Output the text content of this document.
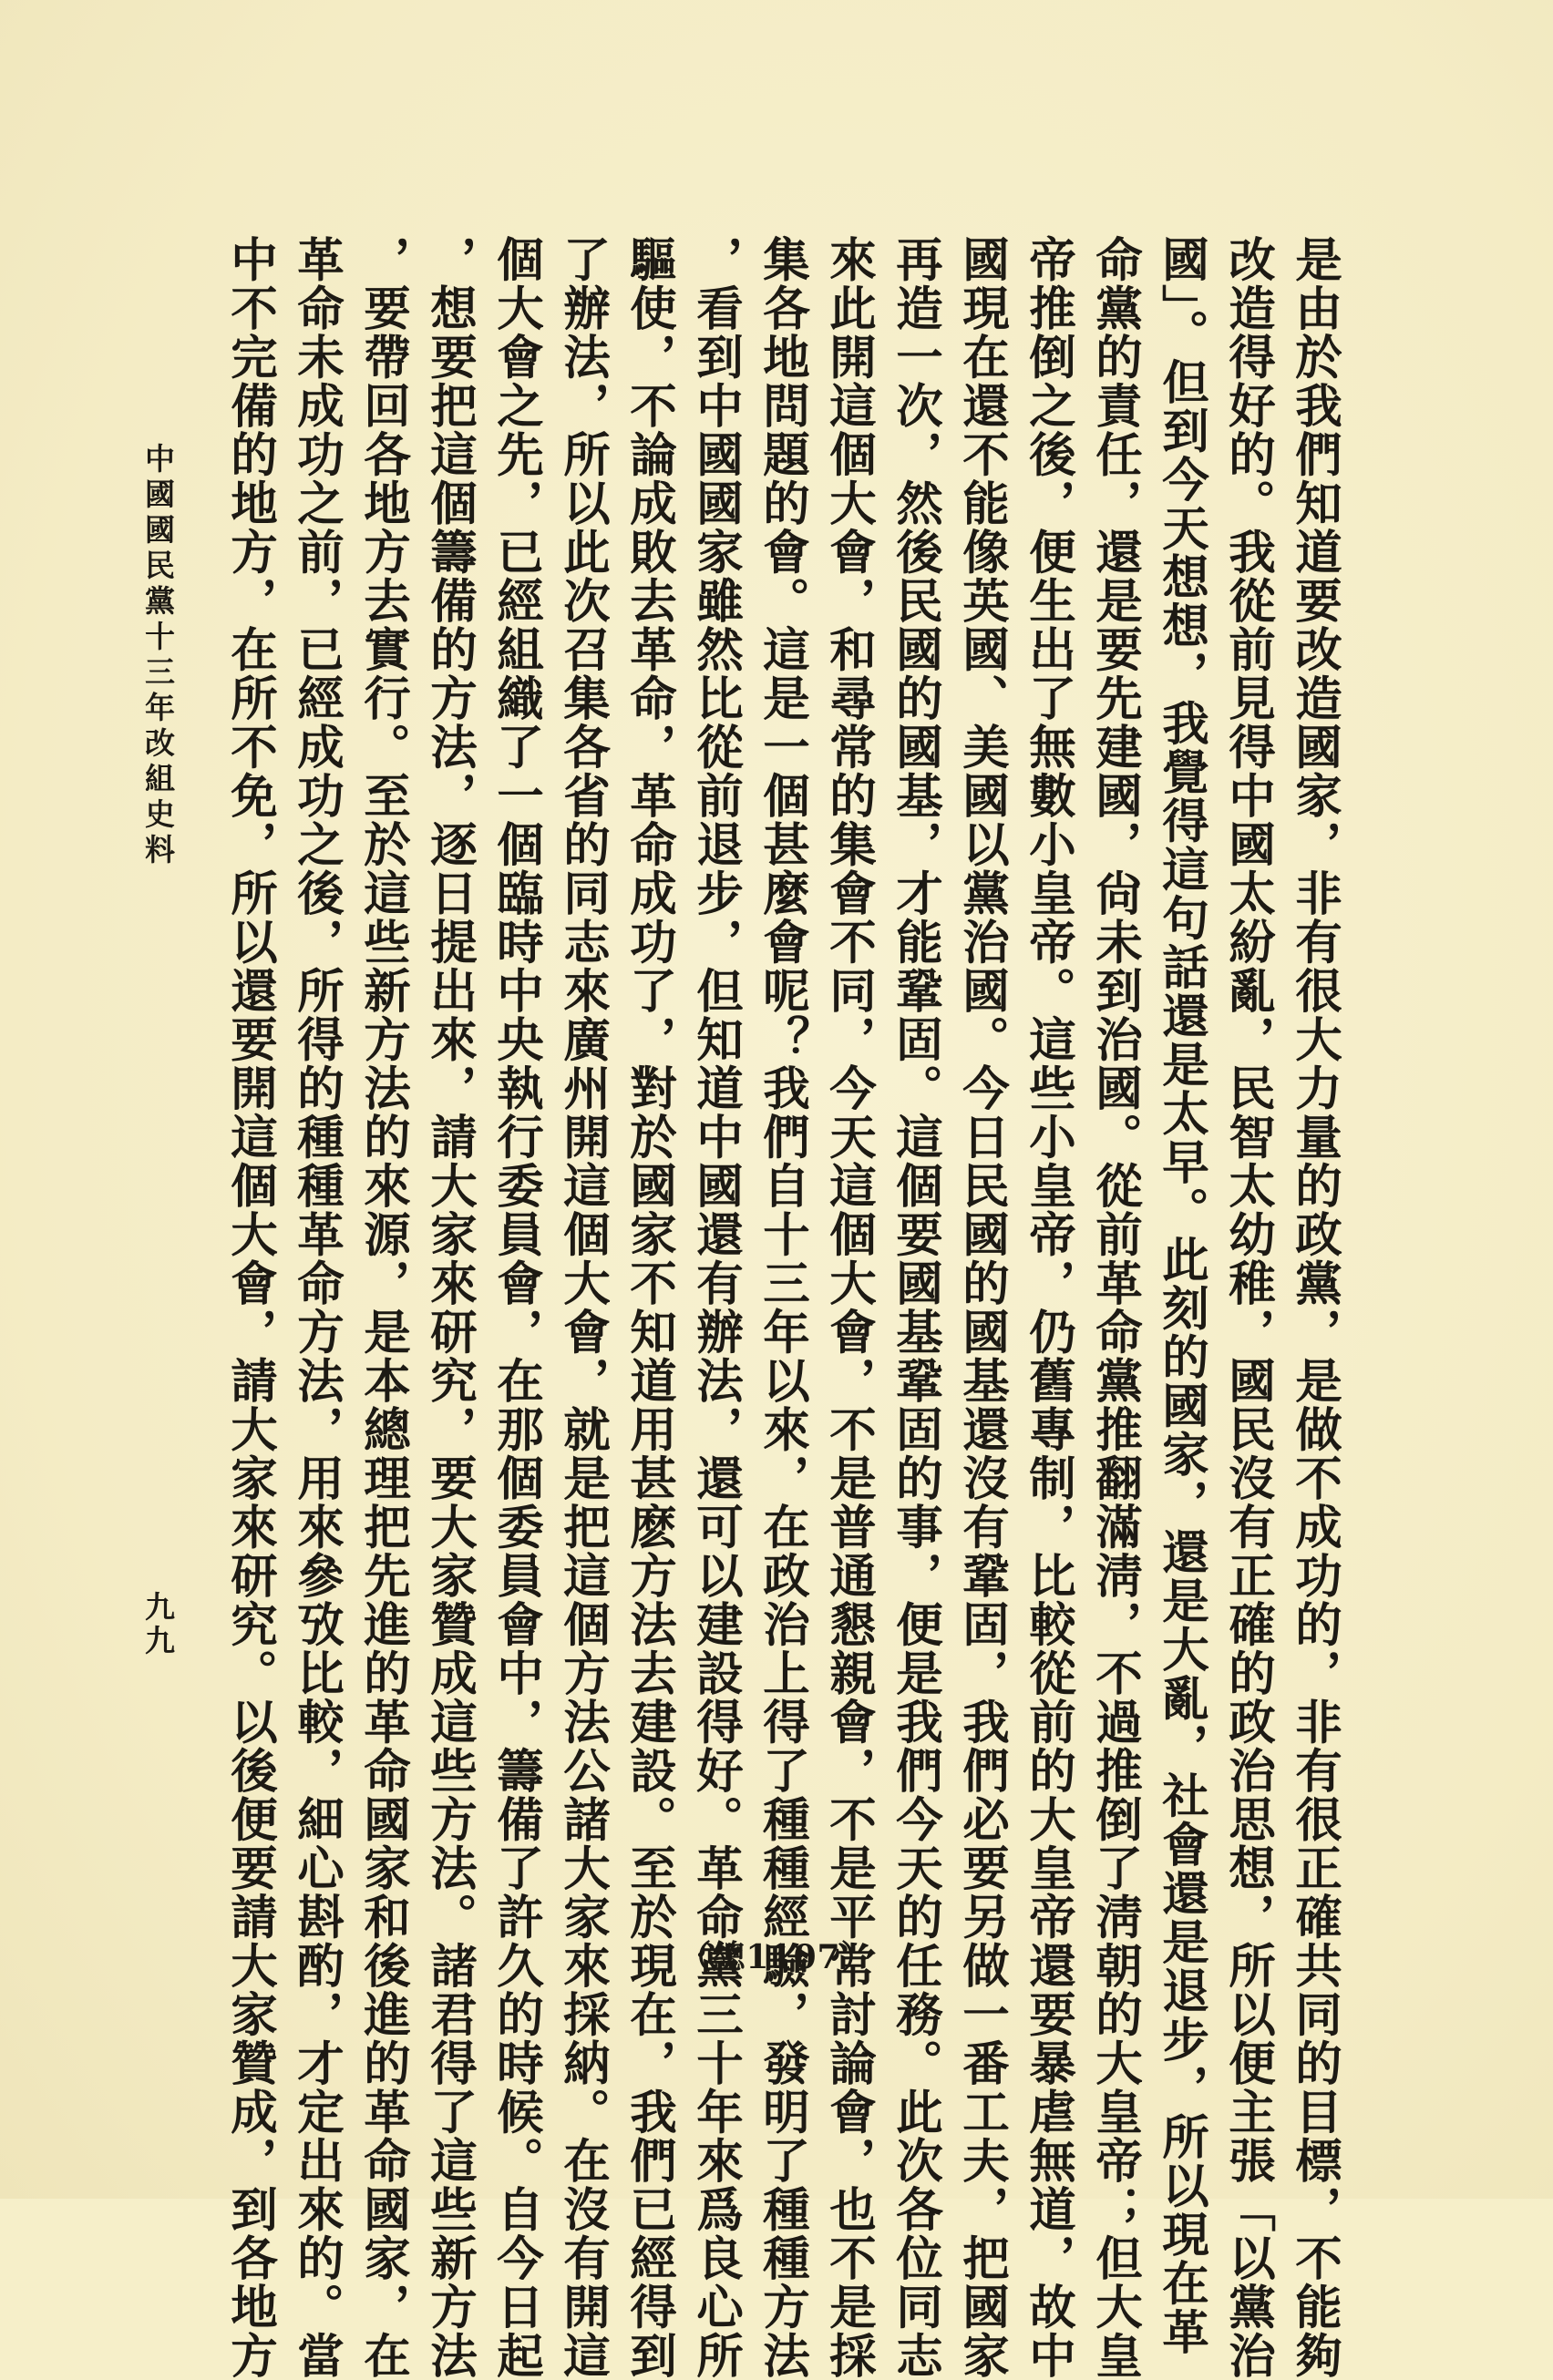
是由於我們知道要改造國家，非有很大力量的政黨，是做不成功的，非有很正確共同的目標，不能夠
改造得好的。我從前見得中國太紛亂，民智太幼稚，國民沒有正確的政治思想，所以便主張「以黨治
國」。但到今天想想，我覺得這句話還是太早。此刻的國家，還是大亂，社會還是退步，所以現在革
命黨的責任，還是要先建國，尙未到治國。從前革命黨推翻滿淸，不過推倒了淸朝的大皇帝；但大皇
帝推倒之後，便生出了無數小皇帝。這些小皇帝，仍舊專制，比較從前的大皇帝還要暴虐無道，故中
國現在還不能像英國、美國以黨治國。今日民國的國基還沒有鞏固，我們必要另做一番工夫，把國家
再造一次，然後民國的國基，才能鞏固。這個要國基鞏固的事，便是我們今天的任務。此次各位同志
來此開這個大會，和尋常的集會不同，今天這個大會，不是普通懇親會，不是平常討論會，也不是採
集各地問題的會。這是一個甚麼會呢？我們自十三年以來，在政治上得了種種經驗，發明了種種方法
，看到中國國家雖然比從前退步，但知道中國還有辦法，還可以建設得好。革命黨三十年來爲良心所
驅使，不論成敗去革命，革命成功了，對於國家不知道用甚麽方法去建設。至於現在，我們已經得到
了辦法，所以此次召集各省的同志來廣州開這個大會，就是把這個方法公諸大家來採納。在沒有開這
個大會之先，已經組織了一個臨時中央執行委員會，在那個委員會中，籌備了許久的時候。自今日起
，想要把這個籌備的方法，逐日提出來，請大家來研究，要大家贊成這些方法。諸君得了這些新方法
，要帶回各地方去實行。至於這些新方法的來源，是本總理把先進的革命國家和後進的革命國家，在
革命未成功之前，已經成功之後，所得的種種革命方法，用來參攷比較，細心斟酌，才定出來的。當
中不完備的地方，在所不免，所以還要開這個大會，請大家來研究。以後便要請大家贊成，到各地方
中國國民黨十三年改組史料
九九
（總1107）
